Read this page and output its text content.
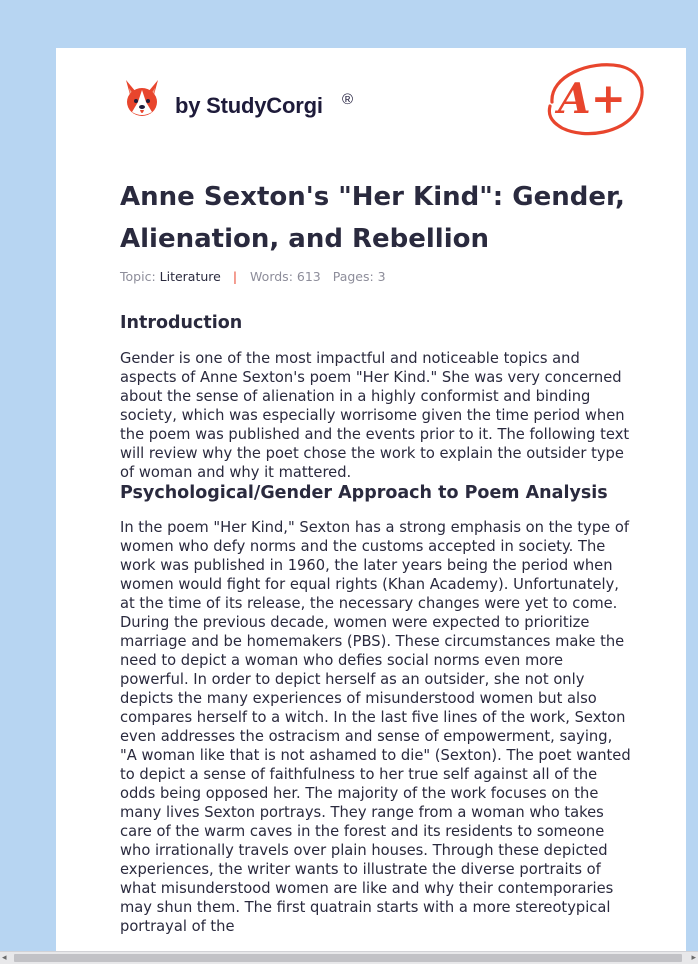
by StudyCorgi ®	A+
Anne Sexton's "Her Kind": Gender, Alienation, and Rebellion
Topic: Literature | Words: 613 Pages: 3
Introduction

Gender is one of the most impactful and noticeable topics and aspects of Anne Sexton's poem "Her Kind." She was very concerned about the sense of alienation in a highly conformist and binding society, which was especially worrisome given the time period when the poem was published and the events prior to it. The following text will review why the poet chose the work to explain the outsider type of woman and why it mattered.

Psychological/Gender Approach to Poem Analysis

In the poem "Her Kind," Sexton has a strong emphasis on the type of women who defy norms and the customs accepted in society. The work was published in 1960, the later years being the period when women would fight for equal rights (Khan Academy). Unfortunately, at the time of its release, the necessary changes were yet to come. During the previous decade, women were expected to prioritize marriage and be homemakers (PBS). These circumstances make the need to depict a woman who defies social norms even more powerful. In order to depict herself as an outsider, she not only depicts the many experiences of misunderstood women but also compares herself to a witch. In the last five lines of the work, Sexton even addresses the ostracism and sense of empowerment, saying, "A woman like that is not ashamed to die" (Sexton). The poet wanted to depict a sense of faithfulness to her true self against all of the odds being opposed her. The majority of the work focuses on the many lives Sexton portrays. They range from a woman who takes care of the warm caves in the forest and its residents to someone who irrationally travels over plain houses. Through these depicted experiences, the writer wants to illustrate the diverse portraits of what misunderstood women are like and why their contemporaries may shun them. The first quatrain starts with a more stereotypical portrayal of the

◂	▸
